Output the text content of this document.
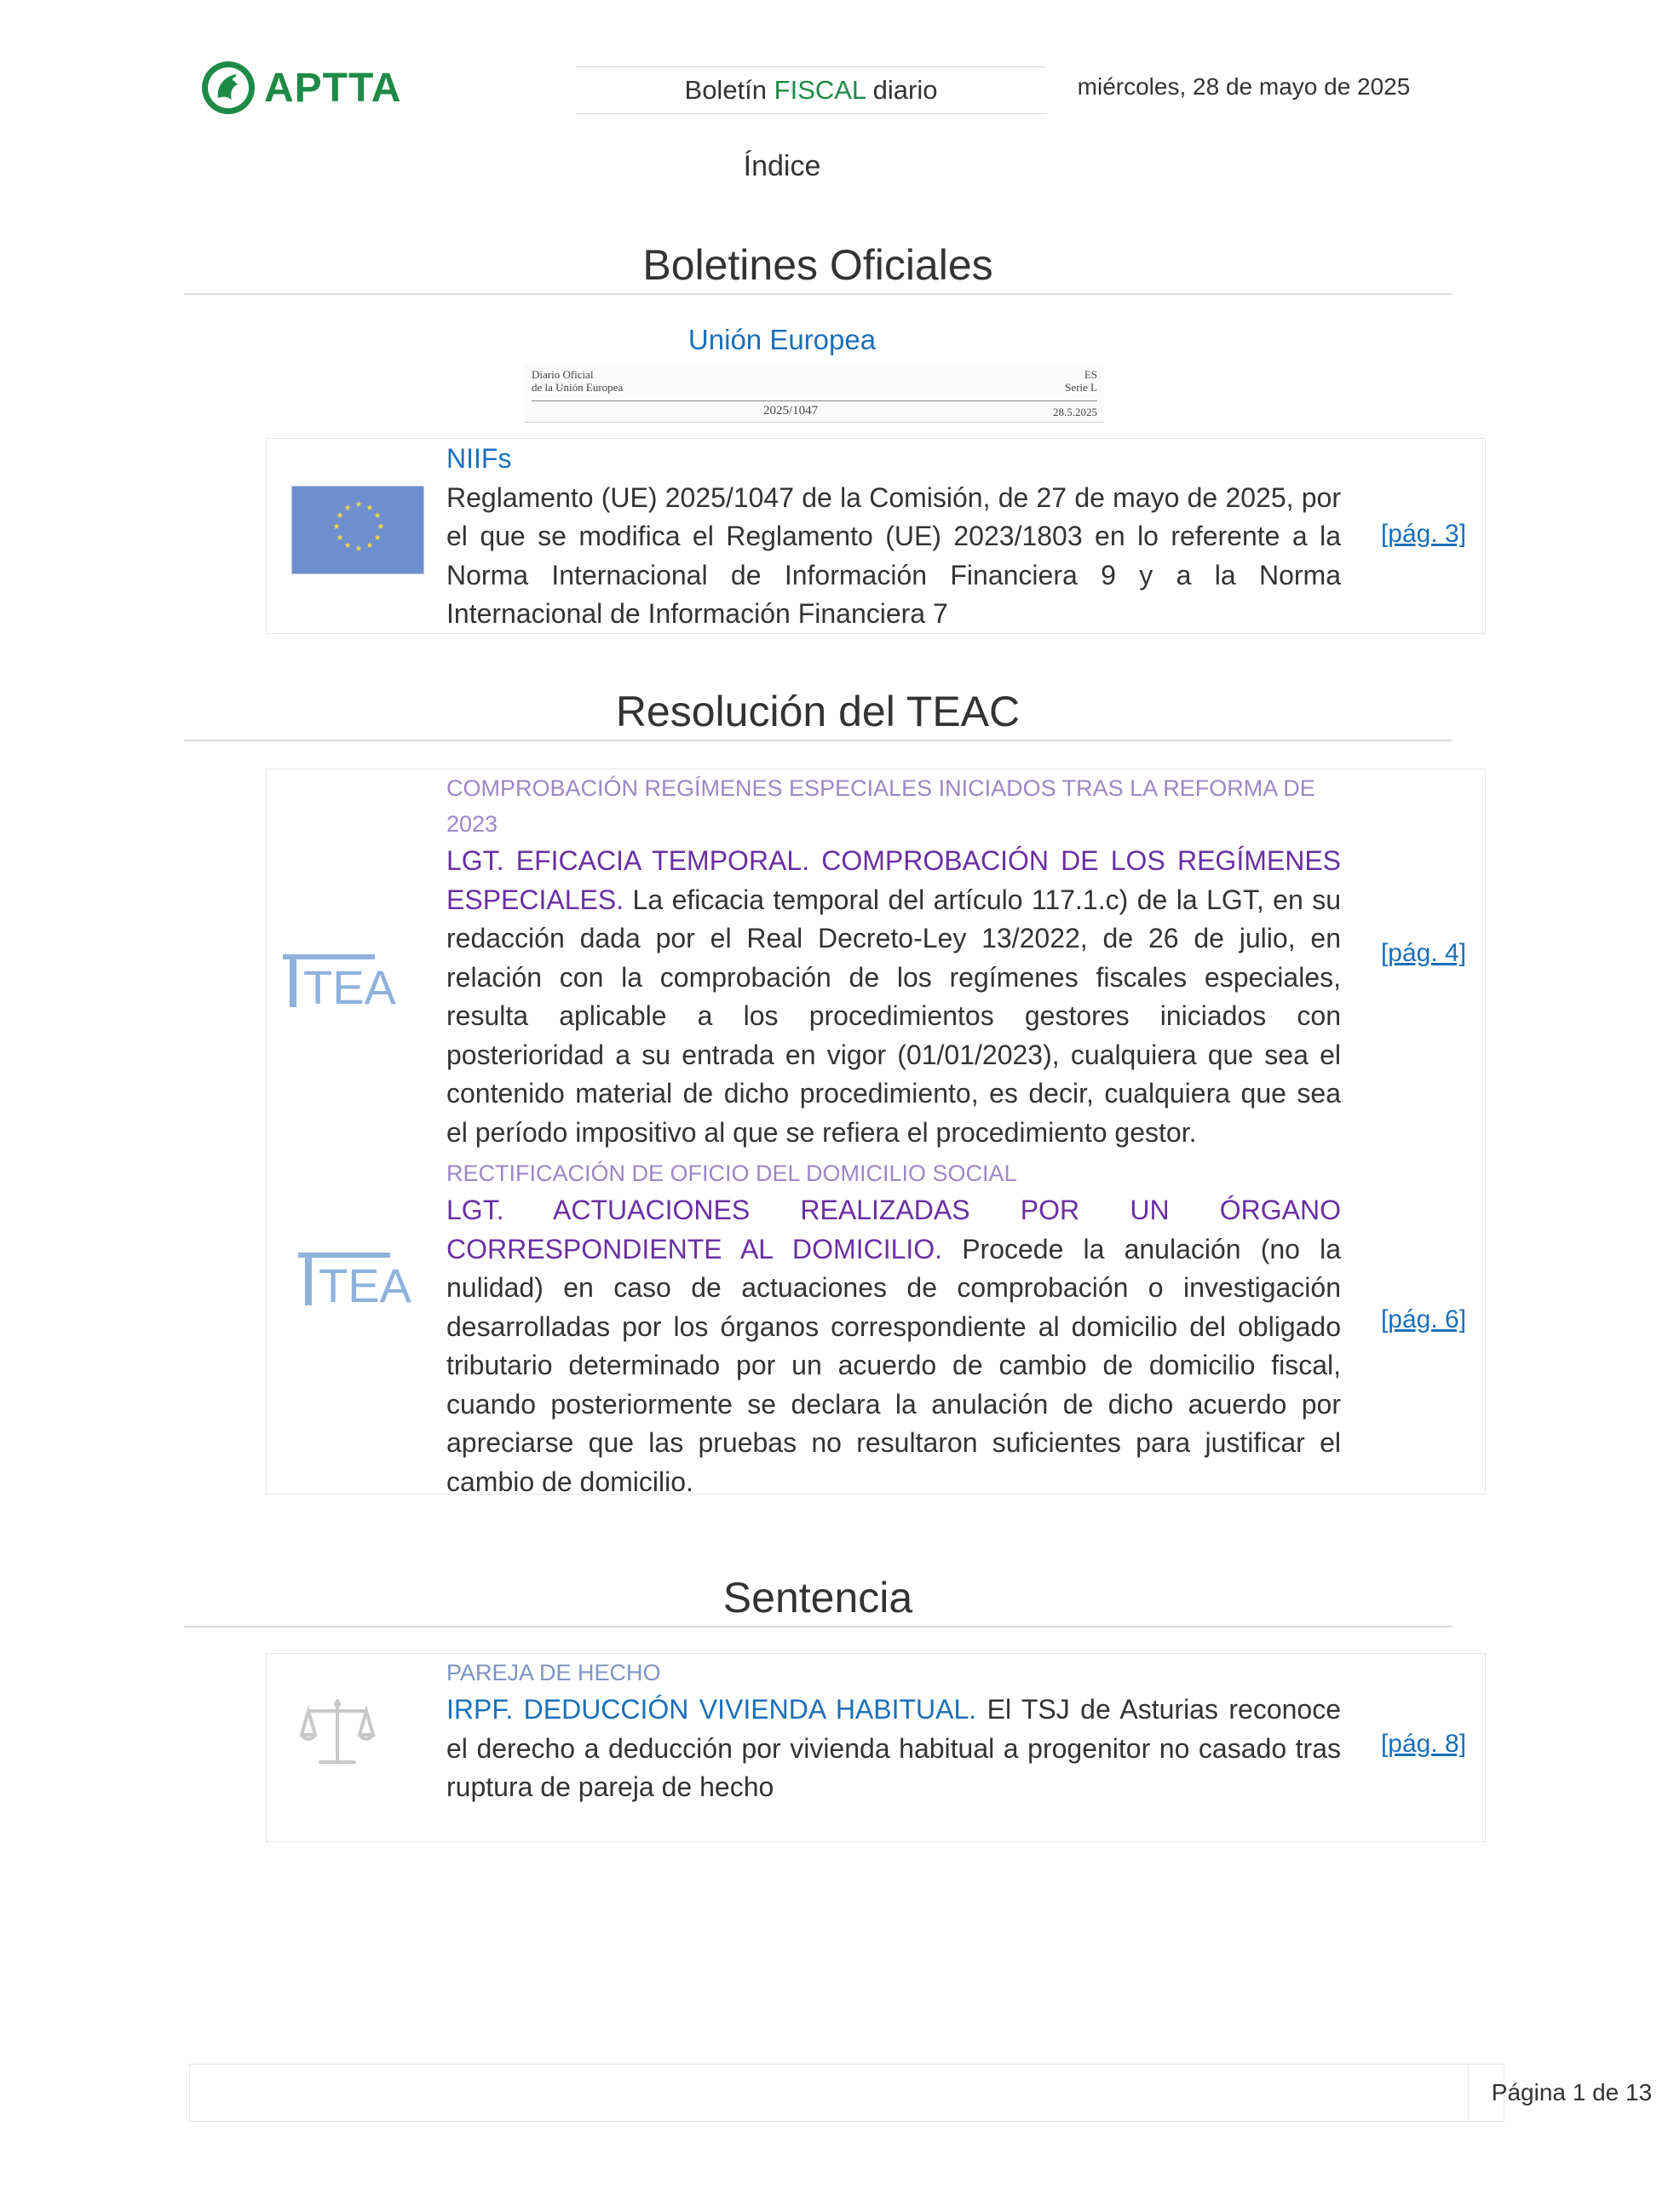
APTTA	Boletín FISCAL diario	miércoles, 28 de mayo de 2025
Índice
Boletines Oficiales
Unión Europea
Diario Oficial
de la Unión Europea
ES
Serie L
2025/1047	28.5.2025
★ ★
★
★
★
★
★
★
★
★
★
★
NIIFs
Reglamento (UE) 2025/1047 de la Comisión, de 27 de mayo de 2025, por el que se modifica el Reglamento (UE) 2023/1803 en lo referente a la Norma Internacional de Información Financiera 9 y a la Norma Internacional de Información Financiera 7
[pág. 3]
Resolución del TEAC
TEA
COMPROBACIÓN REGÍMENES ESPECIALES INICIADOS TRAS LA REFORMA DE 2023
LGT. EFICACIA TEMPORAL. COMPROBACIÓN DE LOS REGÍMENES ESPECIALES. La eficacia temporal del artículo 117.1.c) de la LGT, en su redacción dada por el Real Decreto-Ley 13/2022, de 26 de julio, en relación con la comprobación de los regímenes fiscales especiales, resulta aplicable a los procedimientos gestores iniciados con posterioridad a su entrada en vigor (01/01/2023), cualquiera que sea el contenido material de dicho procedimiento, es decir, cualquiera que sea el período impositivo al que se refiera el procedimiento gestor.
[pág. 4]
TEA
RECTIFICACIÓN DE OFICIO DEL DOMICILIO SOCIAL
LGT. ACTUACIONES REALIZADAS POR UN ÓRGANO CORRESPONDIENTE AL DOMICILIO. Procede la anulación (no la nulidad) en caso de actuaciones de comprobación o investigación desarrolladas por los órganos correspondiente al domicilio del obligado tributario determinado por un acuerdo de cambio de domicilio fiscal, cuando posteriormente se declara la anulación de dicho acuerdo por apreciarse que las pruebas no resultaron suficientes para justificar el cambio de domicilio.
[pág. 6]
Sentencia
PAREJA DE HECHO
IRPF. DEDUCCIÓN VIVIENDA HABITUAL. El TSJ de Asturias reconoce el derecho a deducción por vivienda habitual a progenitor no casado tras ruptura de pareja de hecho
[pág. 8]
Página 1 de 13
